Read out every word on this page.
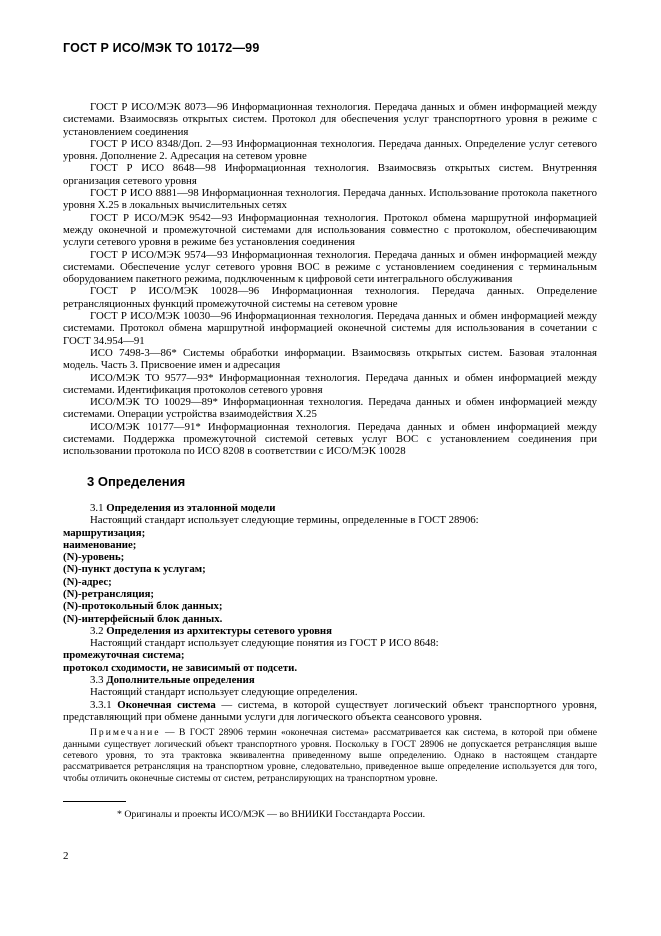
ГОСТ Р ИСО/МЭК ТО 10172—99

ГОСТ Р ИСО/МЭК 8073—96 Информационная технология. Передача данных и обмен информацией между системами. Взаимосвязь открытых систем. Протокол для обеспечения услуг транспортного уровня в режиме с установлением соединения

ГОСТ Р ИСО 8348/Доп. 2—93 Информационная технология. Передача данных. Определение услуг сетевого уровня. Дополнение 2. Адресация на сетевом уровне

ГОСТ Р ИСО 8648—98 Информационная технология. Взаимосвязь открытых систем. Внутренняя организация сетевого уровня

ГОСТ Р ИСО 8881—98 Информационная технология. Передача данных. Использование протокола пакетного уровня X.25 в локальных вычислительных сетях

ГОСТ Р ИСО/МЭК 9542—93 Информационная технология. Протокол обмена маршрутной информацией между оконечной и промежуточной системами для использования совместно с протоколом, обеспечивающим услуги сетевого уровня в режиме без установления соединения

ГОСТ Р ИСО/МЭК 9574—93 Информационная технология. Передача данных и обмен информацией между системами. Обеспечение услуг сетевого уровня ВОС в режиме с установлением соединения с терминальным оборудованием пакетного режима, подключенным к цифровой сети интегрального обслуживания

ГОСТ Р ИСО/МЭК 10028—96 Информационная технология. Передача данных. Определение ретрансляционных функций промежуточной системы на сетевом уровне

ГОСТ Р ИСО/МЭК 10030—96 Информационная технология. Передача данных и обмен информацией между системами. Протокол обмена маршрутной информацией оконечной системы для использования в сочетании с ГОСТ 34.954—91

ИСО 7498-3—86* Системы обработки информации. Взаимосвязь открытых систем. Базовая эталонная модель. Часть 3. Присвоение имен и адресация

ИСО/МЭК ТО 9577—93* Информационная технология. Передача данных и обмен информацией между системами. Идентификация протоколов сетевого уровня

ИСО/МЭК ТО 10029—89* Информационная технология. Передача данных и обмен информацией между системами. Операции устройства взаимодействия X.25

ИСО/МЭК 10177—91* Информационная технология. Передача данных и обмен информацией между системами. Поддержка промежуточной системой сетевых услуг ВОС с установлением соединения при использовании протокола по ИСО 8208 в соответствии с ИСО/МЭК 10028

3 Определения

3.1 Определения из эталонной модели

Настоящий стандарт использует следующие термины, определенные в ГОСТ 28906:

маршрутизация;

наименование;

(N)-уровень;

(N)-пункт доступа к услугам;

(N)-адрес;

(N)-ретрансляция;

(N)-протокольный блок данных;

(N)-интерфейсный блок данных.

3.2 Определения из архитектуры сетевого уровня

Настоящий стандарт использует следующие понятия из ГОСТ Р ИСО 8648:

промежуточная система;

протокол сходимости, не зависимый от подсети.

3.3 Дополнительные определения

Настоящий стандарт использует следующие определения.

3.3.1 Оконечная система — система, в которой существует логический объект транспортного уровня, представляющий при обмене данными услуги для логического объекта сеансового уровня.

Примечание — В ГОСТ 28906 термин «оконечная система» рассматривается как система, в которой при обмене данными существует логический объект транспортного уровня. Поскольку в ГОСТ 28906 не допускается ретрансляция выше сетевого уровня, то эта трактовка эквивалентна приведенному выше определению. Однако в настоящем стандарте рассматривается ретрансляция на транспортном уровне, следовательно, приведенное выше определение используется для того, чтобы отличить оконечные системы от систем, ретранслирующих на транспортном уровне.

* Оригиналы и проекты ИСО/МЭК — во ВНИИКИ Госстандарта России.
2
